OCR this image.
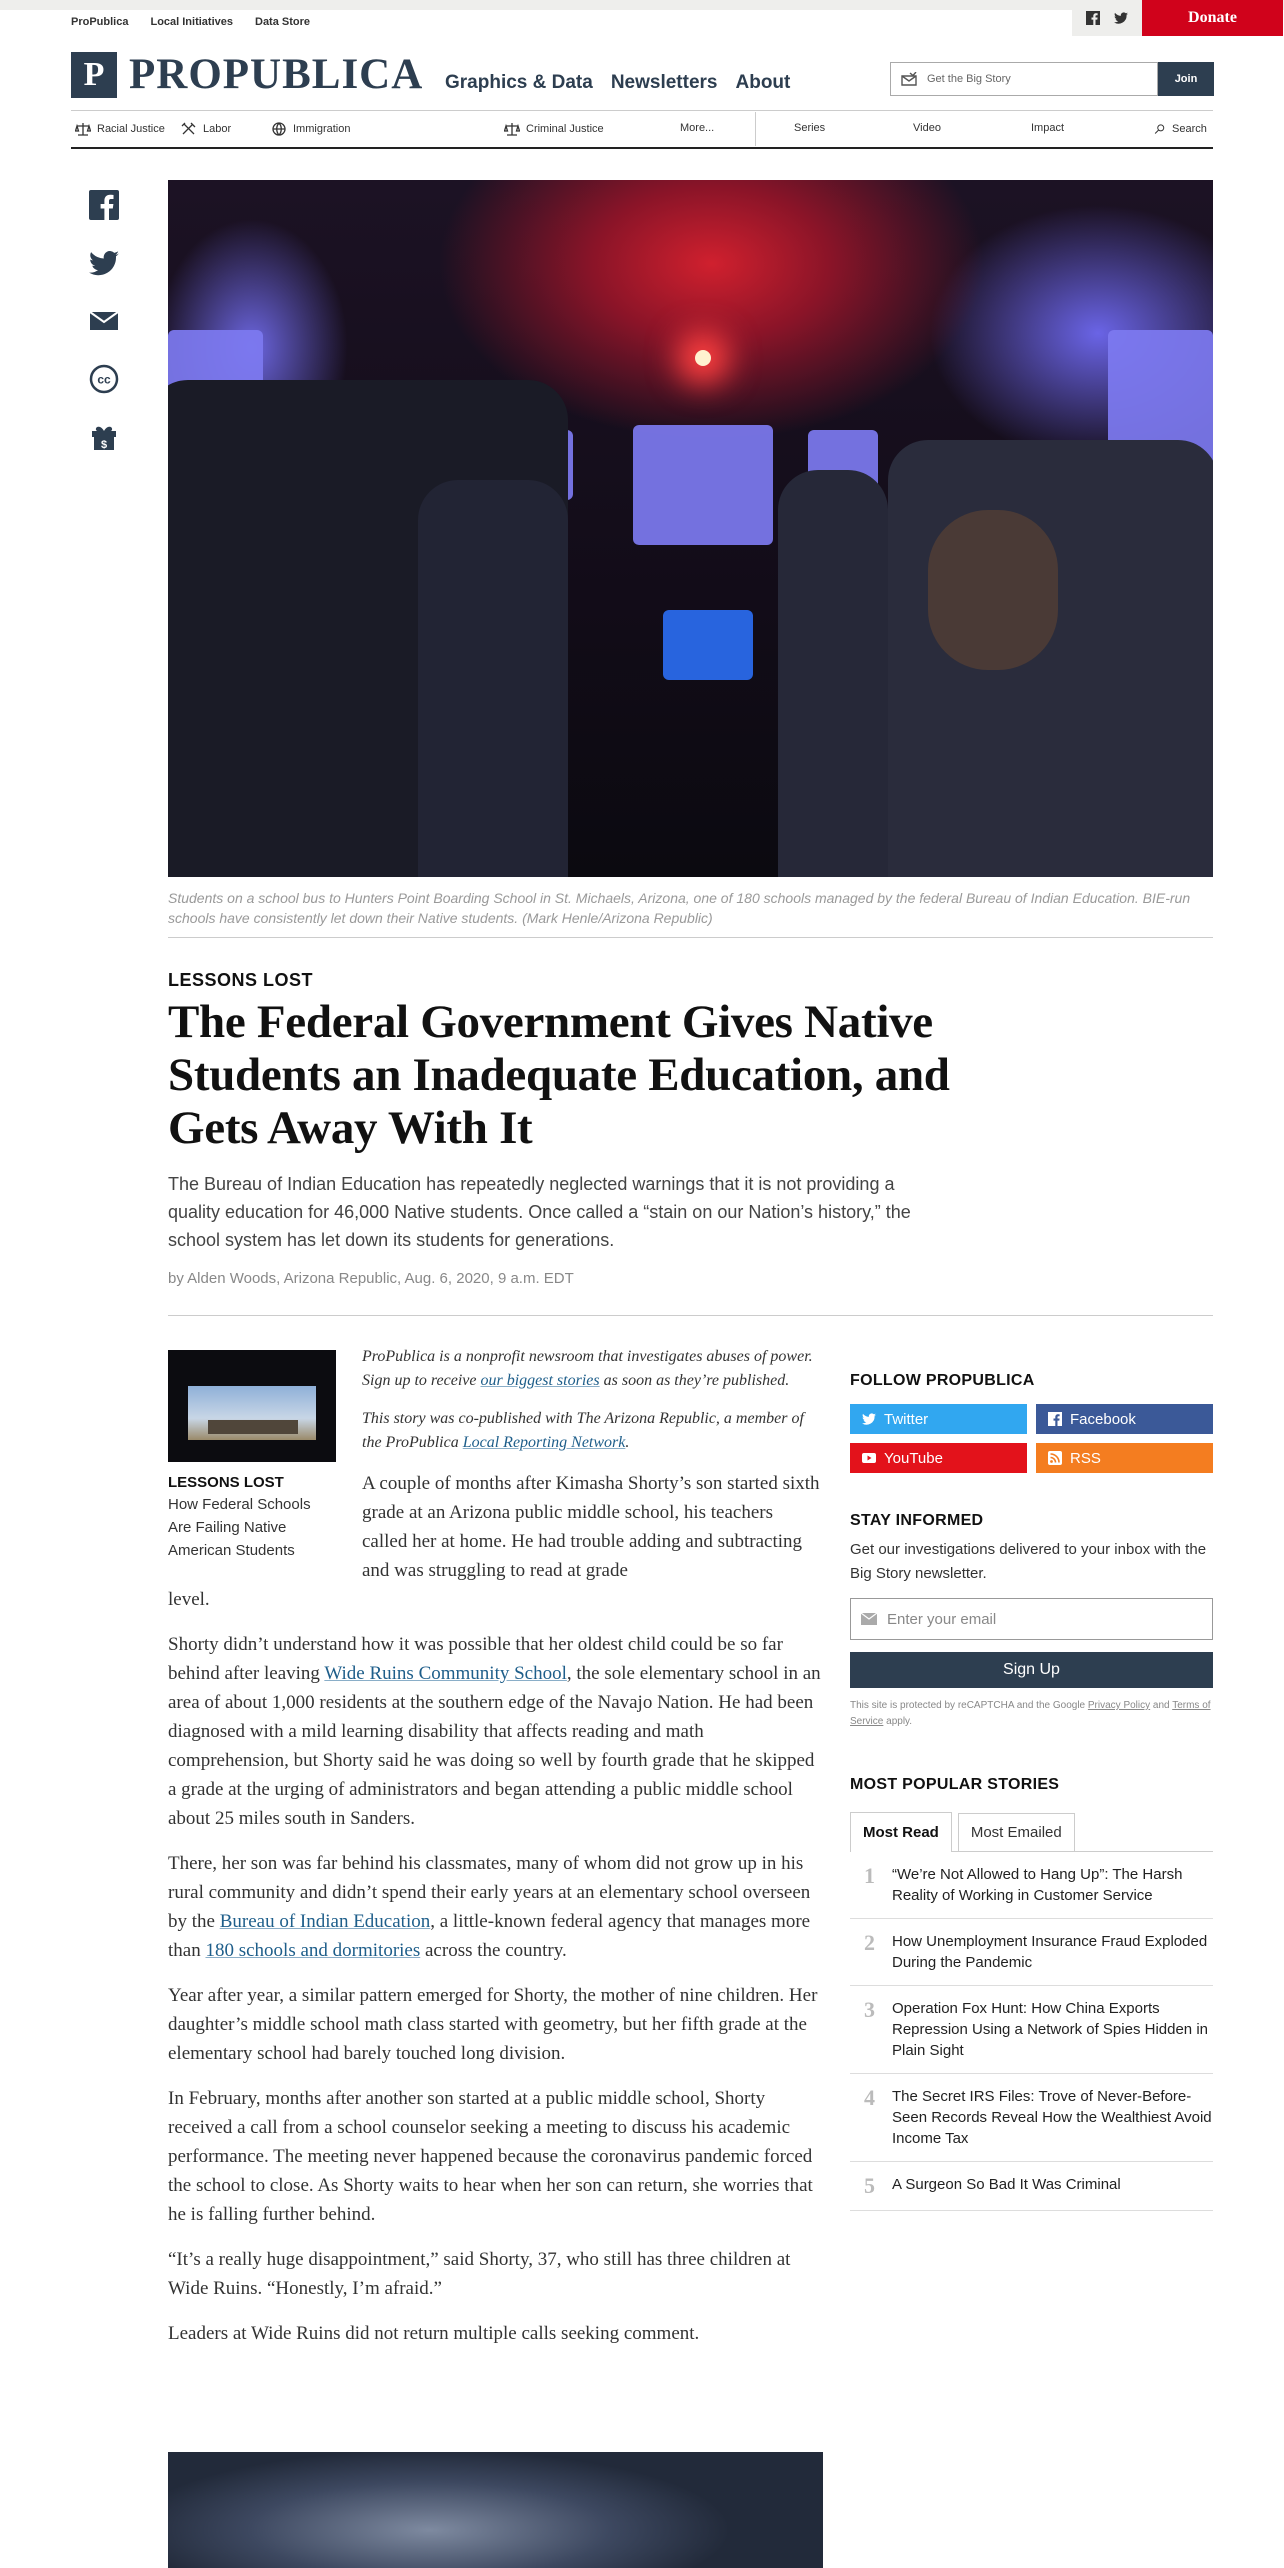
ProPublica Local Initiatives Data Store	Donate
P PROPUBLICA Graphics & Data Newsletters About	Get the Big Story	Join
Racial Justice	Labor	Immigration	Criminal Justice	More...	Series	Video	Impact	Search
cc
$
Students on a school bus to Hunters Point Boarding School in St. Michaels, Arizona, one of 180 schools managed by the federal Bureau of Indian Education. BIE-run schools have consistently let down their Native students. (Mark Henle/Arizona Republic)
LESSONS LOST
The Federal Government Gives Native Students an Inadequate Education, and Gets Away With It
The Bureau of Indian Education has repeatedly neglected warnings that it is not providing a quality education for 46,000 Native students. Once called a “stain on our Nation’s history,” the school system has let down its students for generations.
by Alden Woods, Arizona Republic, Aug. 6, 2020, 9 a.m. EDT
ProPublica is a nonprofit newsroom that investigates abuses of power. Sign up to receive our biggest stories as soon as they’re published.
This story was co-published with The Arizona Republic, a member of the ProPublica Local Reporting Network.

A couple of months after Kimasha Shorty’s son started sixth grade at an Arizona public middle school, his teachers called her at home. He had trouble adding and subtracting and was struggling to read at grade
level.

Shorty didn’t understand how it was possible that her oldest child could be so far behind after leaving Wide Ruins Community School, the sole elementary school in an area of about 1,000 residents at the southern edge of the Navajo Nation. He had been diagnosed with a mild learning disability that affects reading and math comprehension, but Shorty said he was doing so well by fourth grade that he skipped a grade at the urging of administrators and began attending a public middle school about 25 miles south in Sanders.

There, her son was far behind his classmates, many of whom did not grow up in his rural community and didn’t spend their early years at an elementary school overseen by the Bureau of Indian Education, a little-known federal agency that manages more than 180 schools and dormitories across the country.

Year after year, a similar pattern emerged for Shorty, the mother of nine children. Her daughter’s middle school math class started with geometry, but her fifth grade at the elementary school had barely touched long division.

In February, months after another son started at a public middle school, Shorty received a call from a school counselor seeking a meeting to discuss his academic performance. The meeting never happened because the coronavirus pandemic forced the school to close. As Shorty waits to hear when her son can return, she worries that he is falling further behind.

“It’s a really huge disappointment,” said Shorty, 37, who still has three children at Wide Ruins. “Honestly, I’m afraid.”

Leaders at Wide Ruins did not return multiple calls seeking comment.

LESSONS LOST
How Federal Schools Are Failing Native American Students
FOLLOW PROPUBLICA
Twitter	Facebook
YouTube	RSS
STAY INFORMED
Get our investigations delivered to your inbox with the Big Story newsletter.
Enter your email
Sign Up
This site is protected by reCAPTCHA and the Google Privacy Policy and Terms of Service apply.
MOST POPULAR STORIES
Most Read	Most Emailed
1 “We’re Not Allowed to Hang Up”: The Harsh Reality of Working in Customer Service
2 How Unemployment Insurance Fraud Exploded During the Pandemic
3 Operation Fox Hunt: How China Exports Repression Using a Network of Spies Hidden in Plain Sight
4 The Secret IRS Files: Trove of Never-Before-Seen Records Reveal How the Wealthiest Avoid Income Tax
5 A Surgeon So Bad It Was Criminal
